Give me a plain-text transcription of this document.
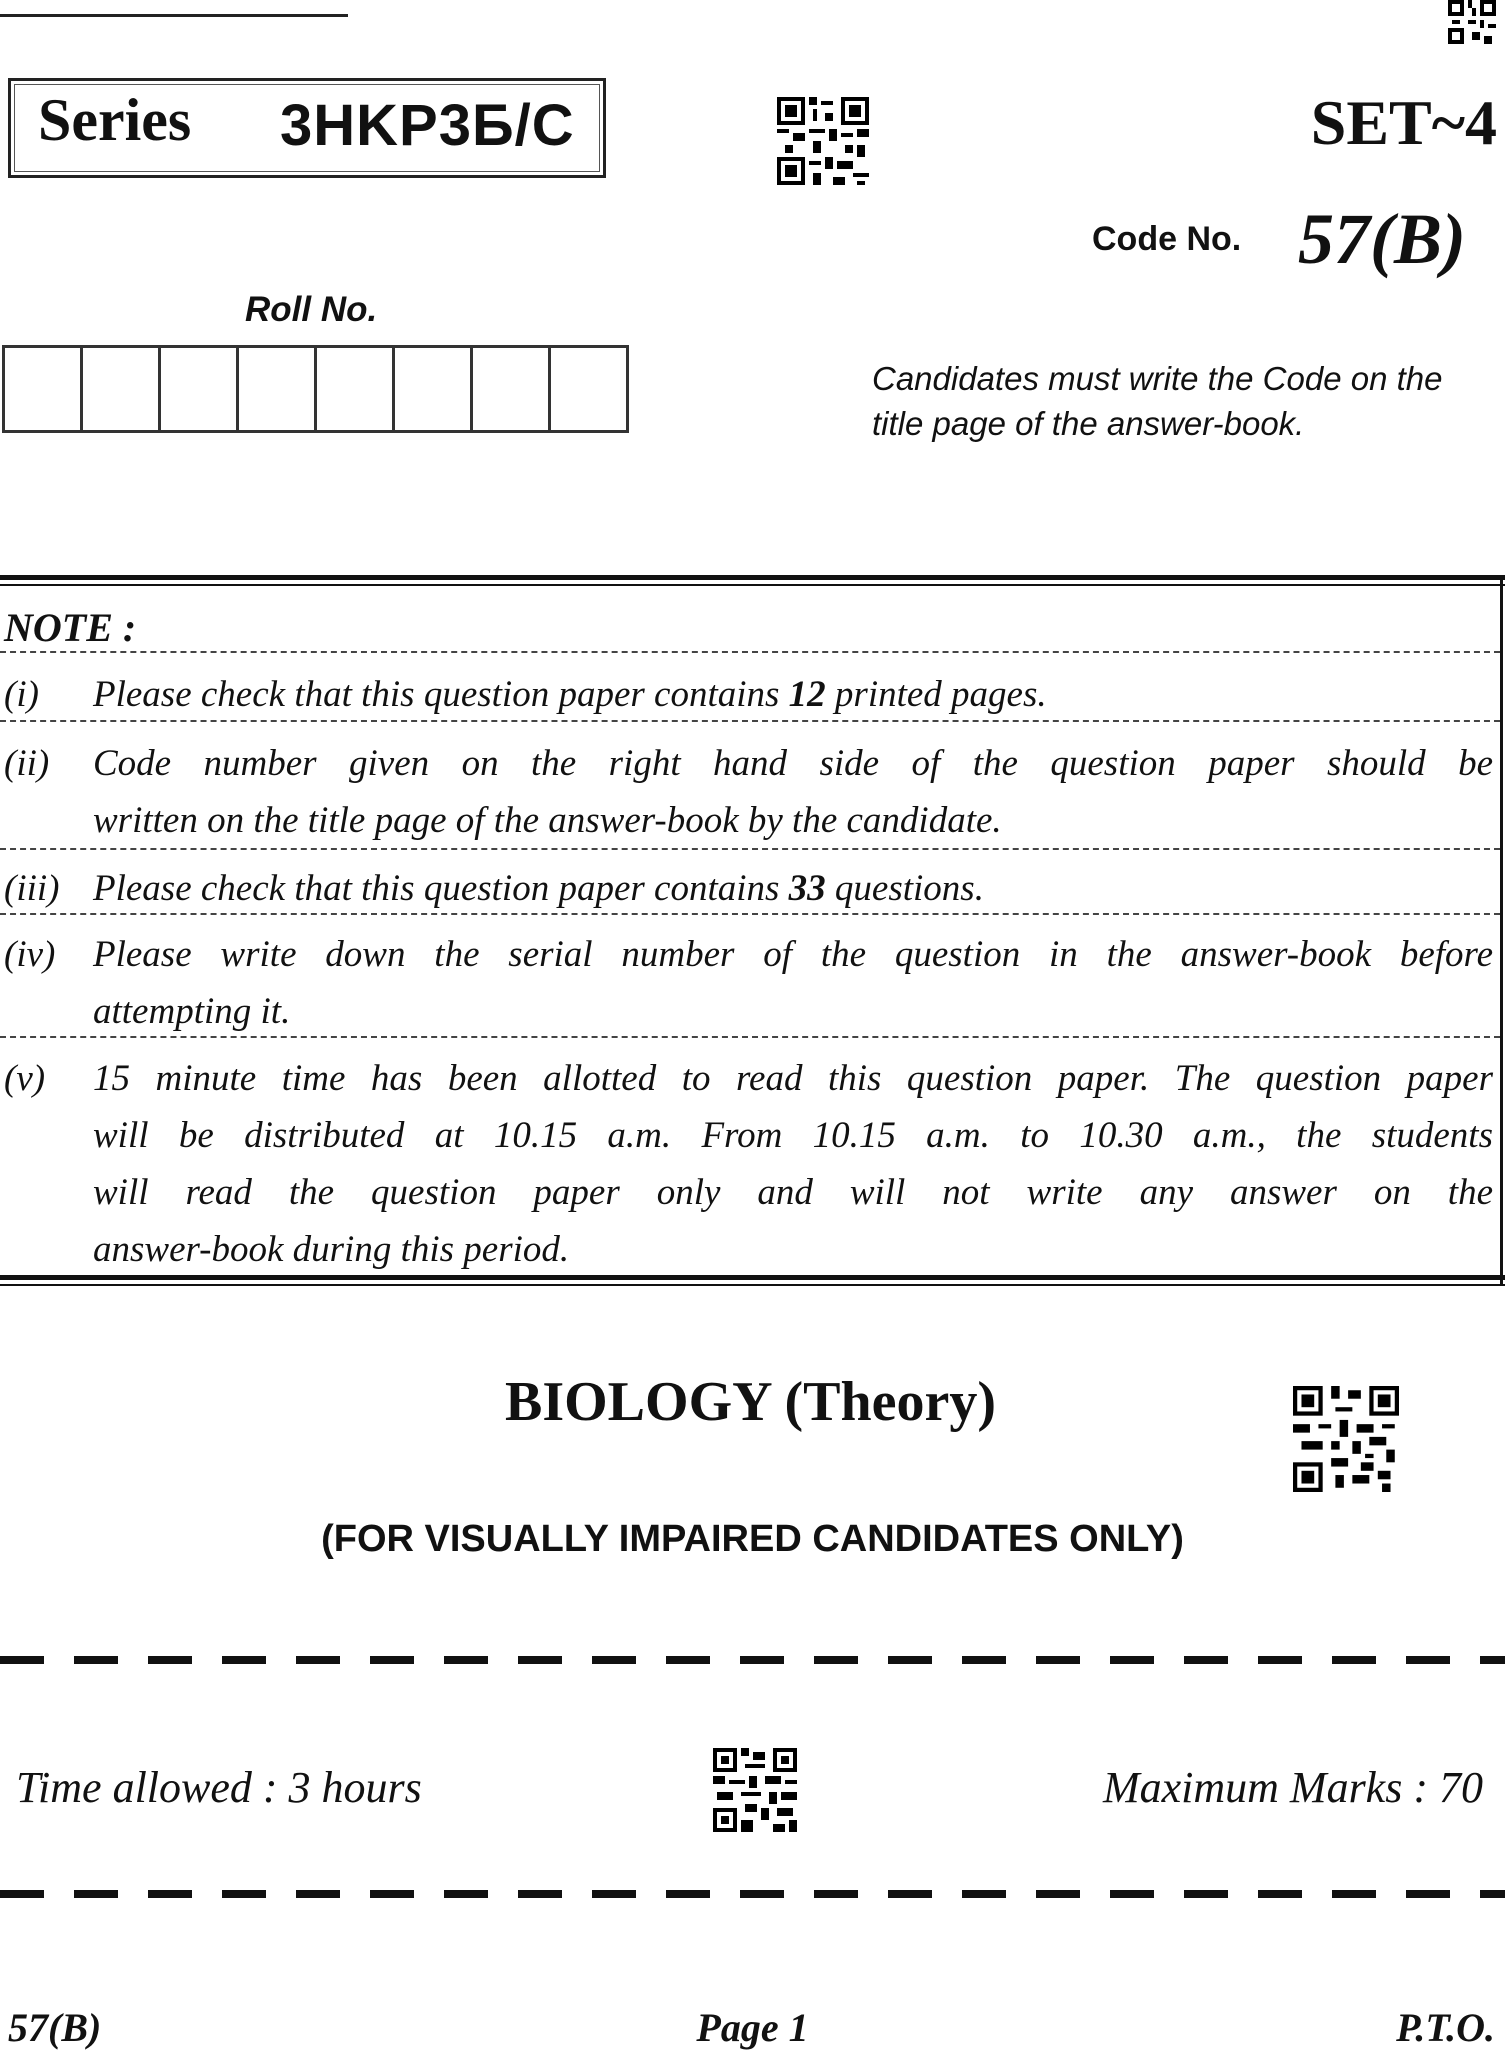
Series 3HKP3Б/C	SET~4
Code No. 57(B)
Roll No.
Candidates must write the Code on the title page of the answer-book.
NOTE :
(i) Please check that this question paper contains 12 printed pages.
(ii) Code number given on the right hand side of the question paper should be
written on the title page of the answer-book by the candidate.
(iii) Please check that this question paper contains 33 questions.
(iv) Please write down the serial number of the question in the answer-book before
attempting it.
(v) 15 minute time has been allotted to read this question paper. The question paper
will be distributed at 10.15 a.m. From 10.15 a.m. to 10.30 a.m., the students
will read the question paper only and will not write any answer on the
answer-book during this period.
BIOLOGY (Theory)
(FOR VISUALLY IMPAIRED CANDIDATES ONLY)
Time allowed : 3 hours	Maximum Marks : 70
57(B)	Page 1	P.T.O.
